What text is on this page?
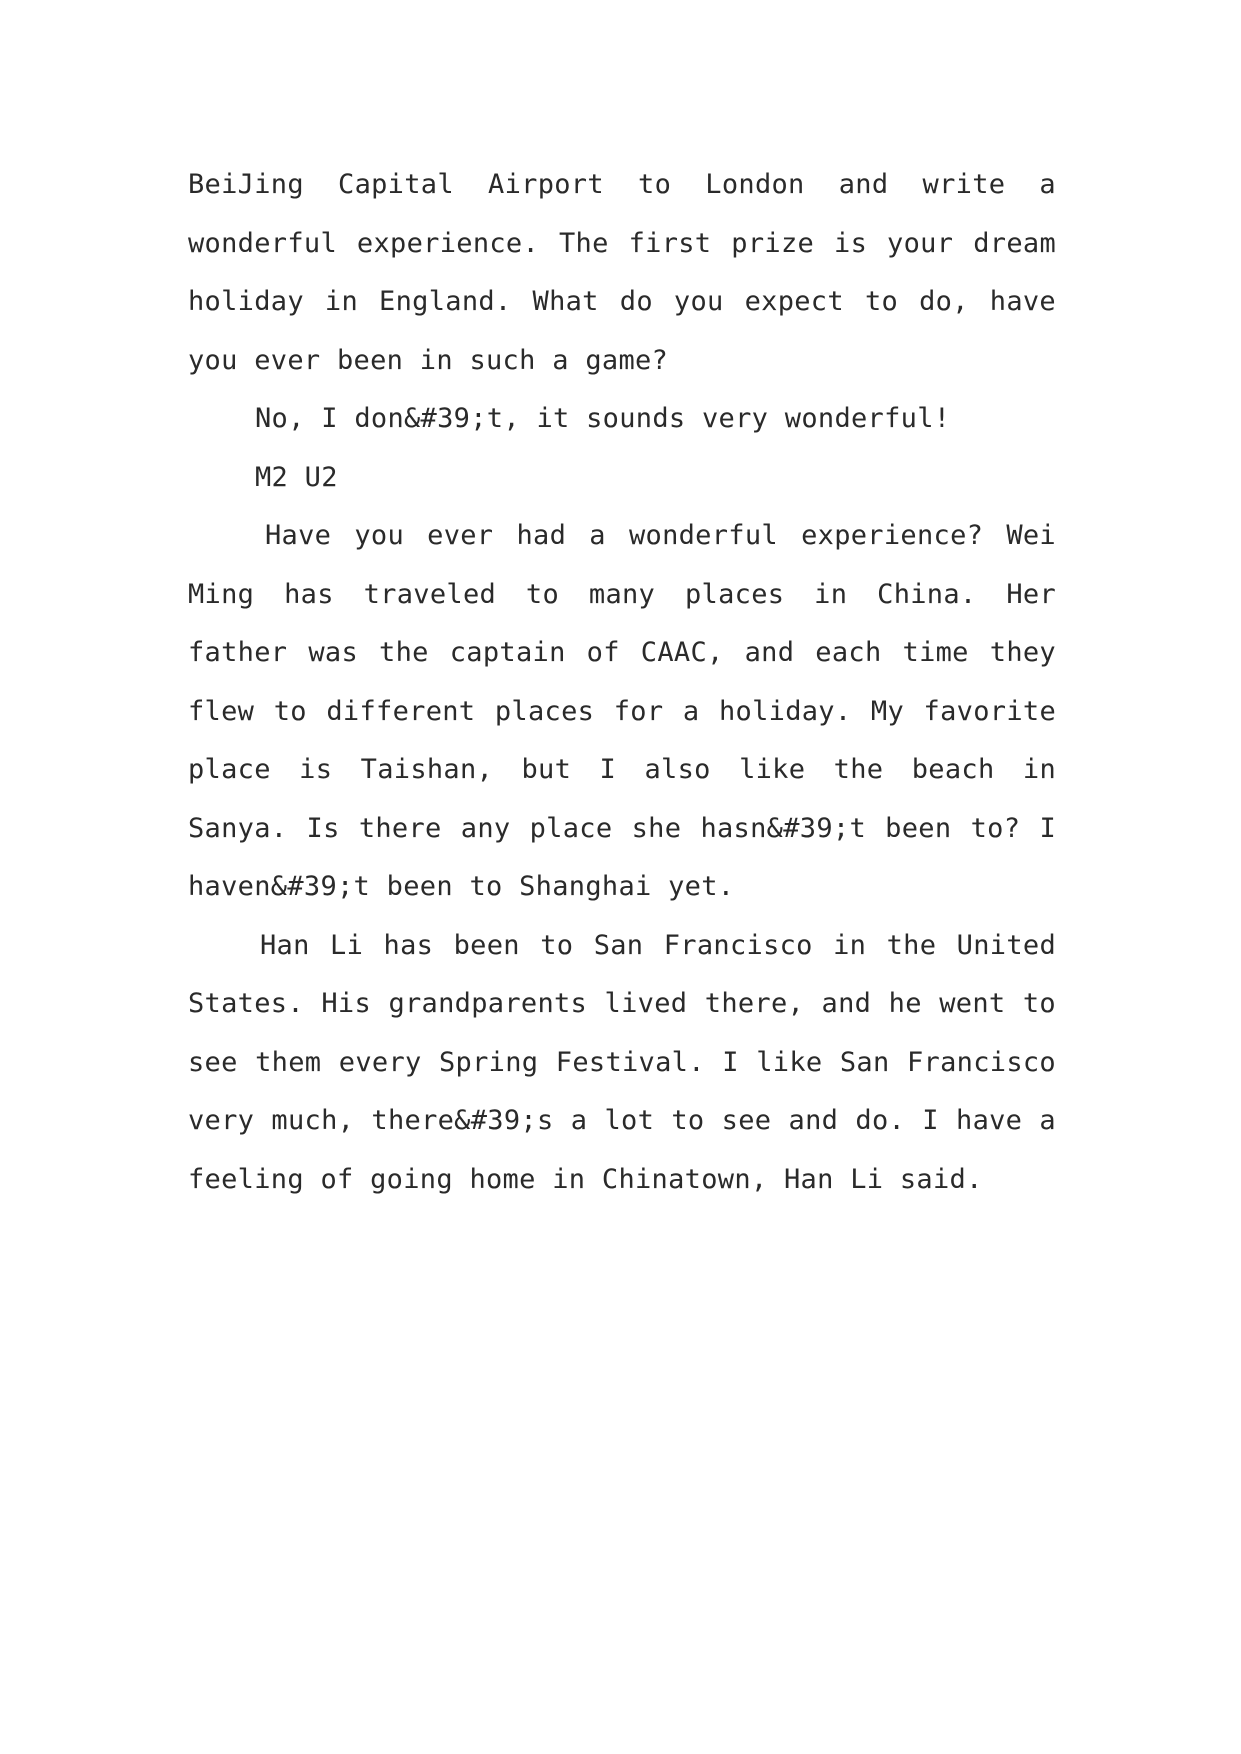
BeiJing Capital Airport to London and write a wonderful experience. The first prize is your dream holiday in England. What do you expect to do, have you ever been in such a game?

No, I don&#39;t, it sounds very wonderful!

M2 U2

Have you ever had a wonderful experience? Wei Ming has traveled to many places in China. Her father was the captain of CAAC, and each time they flew to different places for a holiday. My favorite place is Taishan, but I also like the beach in Sanya. Is there any place she hasn&#39;t been to? I haven&#39;t been to Shanghai yet.

Han Li has been to San Francisco in the United States. His grandparents lived there, and he went to see them every Spring Festival. I like San Francisco very much, there&#39;s a lot to see and do. I have a feeling of going home in Chinatown, Han Li said.
